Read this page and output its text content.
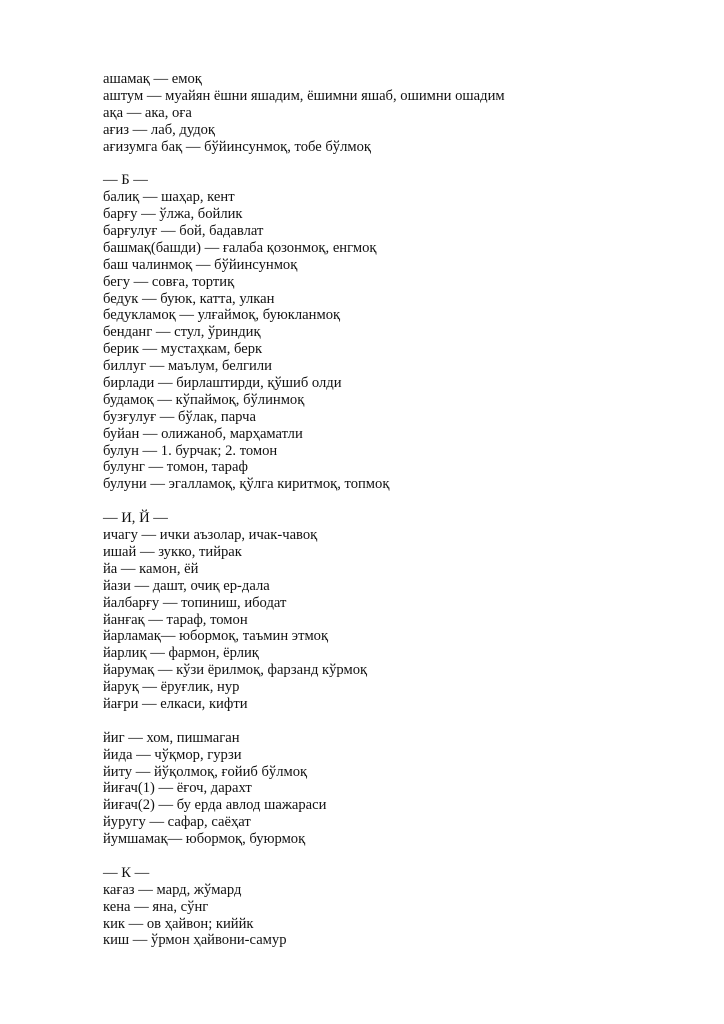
ашамақ — емоқ
аштум — муайян ёшни яшадим, ёшимни яшаб, ошимни ошадим
ақа — ака, оға
ағиз — лаб, дудоқ
ағизумга бақ — бўйинсунмоқ, тобе бўлмоқ
— Б —
балиқ — шаҳар, кент
барғу — ўлжа, бойлик
барғулуғ — бой, бадавлат
башмақ(башди) — ғалаба қозонмоқ, енгмоқ
баш чалинмоқ — бўйинсунмоқ
бегу — совға, тортиқ
бедук — буюк, катта, улкан
бедукламоқ — улғаймоқ, буюкланмоқ
бенданг — стул, ўриндиқ
берик — мустаҳкам, берк
биллуг — маълум, белгили
бирлади — бирлаштирди, қўшиб олди
будамоқ — кўпаймоқ, бўлинмоқ
бузғулуғ — бўлак, парча
буйан — олижаноб, марҳаматли
булун — 1. бурчак; 2. томон
булунг — томон, тараф
булуни — эгалламоқ, қўлга киритмоқ, топмоқ
— И, Й —
ичагу — ички аъзолар, ичак-чавоқ
ишай — зукко, тийрак
йа — камон, ёй
йази — дашт, очиқ ер-дала
йалбарғу — топиниш, ибодат
йанғақ — тараф, томон
йарламақ— юбормоқ, таъмин этмоқ
йарлиқ — фармон, ёрлиқ
йарумақ — кўзи ёрилмоқ, фарзанд кўрмоқ
йаруқ — ёруғлик, нур
йағри — елкаси, кифти
йиг — хом, пишмаган
йида — чўқмор, гурзи
йиту — йўқолмоқ, ғойиб бўлмоқ
йиғач(1) — ёғоч, дарахт
йиғач(2) — бу ерда авлод шажараси
йуругу — сафар, саёҳат
йумшамақ— юбормоқ, буюрмоқ
— К —
кағаз — мард, жўмард
кена — яна, сўнг
кик — ов ҳайвон; киййк
киш — ўрмон ҳайвони-самур
